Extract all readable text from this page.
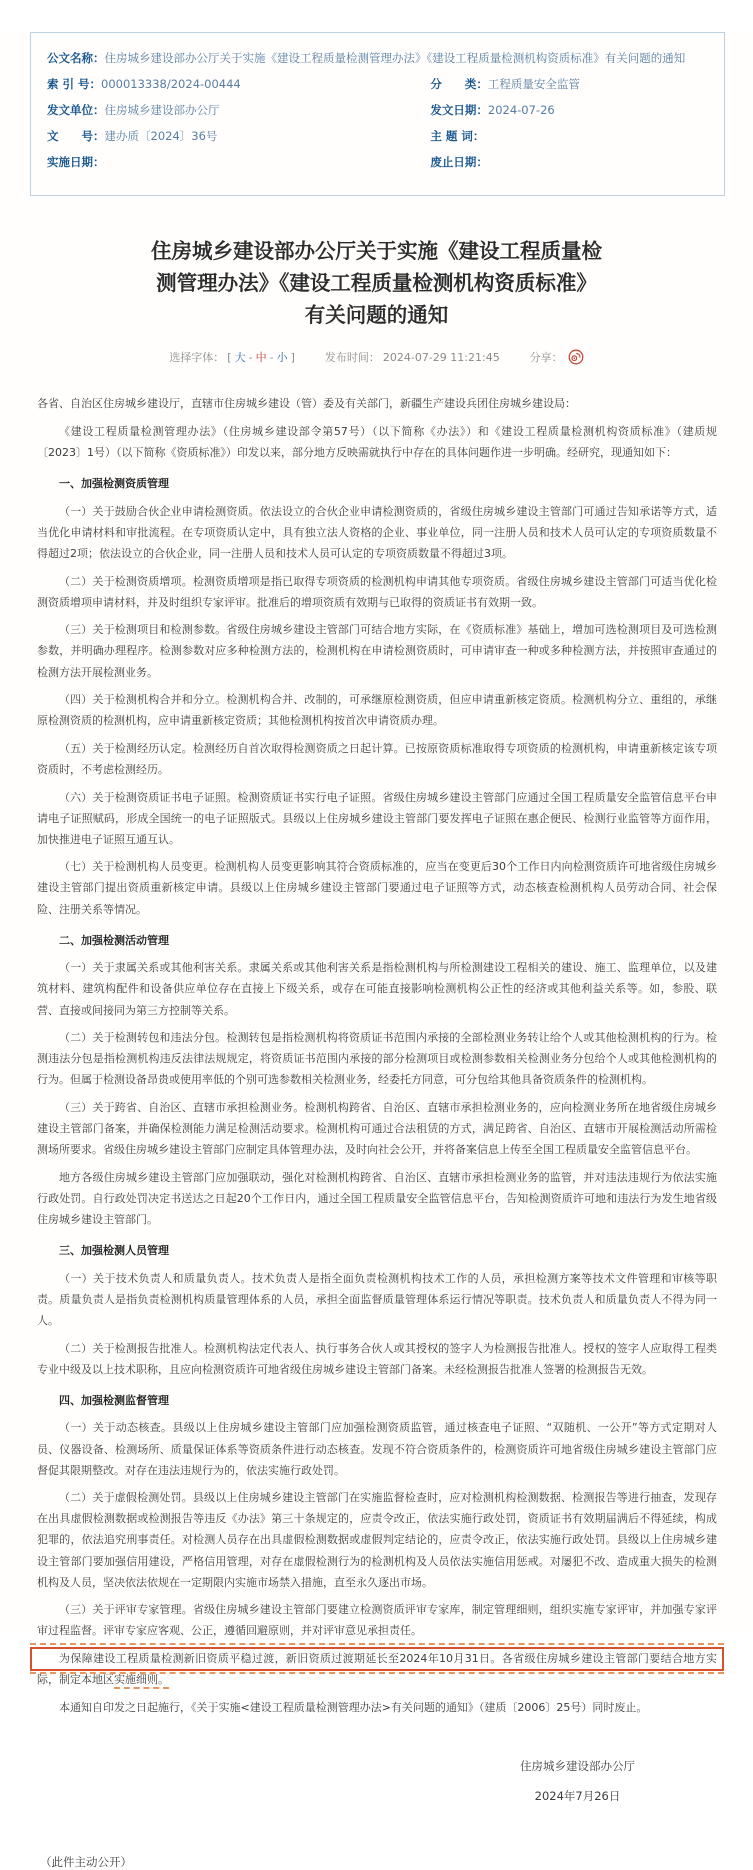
公文名称： 住房城乡建设部办公厅关于实施《建设工程质量检测管理办法》《建设工程质量检测机构资质标准》有关问题的通知
索 引 号： 000013338/2024-00444
发文单位： 住房城乡建设部办公厅
文　　号： 建办质〔2024〕36号
实施日期：
分　　类： 工程质量安全监管
发文日期： 2024-07-26
主 题 词：
废止日期：
住房城乡建设部办公厅关于实施《建设工程质量检测管理办法》《建设工程质量检测机构资质标准》有关问题的通知
选择字体： [ 大 - 中 - 小 ]	发布时间： 2024-07-29 11:21:45	分享：

各省、自治区住房城乡建设厅，直辖市住房城乡建设（管）委及有关部门，新疆生产建设兵团住房城乡建设局：

《建设工程质量检测管理办法》（住房城乡建设部令第57号）（以下简称《办法》）和《建设工程质量检测机构资质标准》（建质规〔2023〕1号）（以下简称《资质标准》）印发以来，部分地方反映需就执行中存在的具体问题作进一步明确。经研究，现通知如下：

一、加强检测资质管理

（一）关于鼓励合伙企业申请检测资质。依法设立的合伙企业申请检测资质的，省级住房城乡建设主管部门可通过告知承诺等方式，适当优化申请材料和审批流程。在专项资质认定中，具有独立法人资格的企业、事业单位，同一注册人员和技术人员可认定的专项资质数量不得超过2项；依法设立的合伙企业，同一注册人员和技术人员可认定的专项资质数量不得超过3项。

（二）关于检测资质增项。检测资质增项是指已取得专项资质的检测机构申请其他专项资质。省级住房城乡建设主管部门可适当优化检测资质增项申请材料，并及时组织专家评审。批准后的增项资质有效期与已取得的资质证书有效期一致。

（三）关于检测项目和检测参数。省级住房城乡建设主管部门可结合地方实际，在《资质标准》基础上，增加可选检测项目及可选检测参数，并明确办理程序。检测参数对应多种检测方法的，检测机构在申请检测资质时，可申请审查一种或多种检测方法，并按照审查通过的检测方法开展检测业务。

（四）关于检测机构合并和分立。检测机构合并、改制的，可承继原检测资质，但应申请重新核定资质。检测机构分立、重组的，承继原检测资质的检测机构，应申请重新核定资质；其他检测机构按首次申请资质办理。

（五）关于检测经历认定。检测经历自首次取得检测资质之日起计算。已按原资质标准取得专项资质的检测机构，申请重新核定该专项资质时，不考虑检测经历。

（六）关于检测资质证书电子证照。检测资质证书实行电子证照。省级住房城乡建设主管部门应通过全国工程质量安全监管信息平台申请电子证照赋码，形成全国统一的电子证照版式。县级以上住房城乡建设主管部门要发挥电子证照在惠企便民、检测行业监管等方面作用，加快推进电子证照互通互认。

（七）关于检测机构人员变更。检测机构人员变更影响其符合资质标准的，应当在变更后30个工作日内向检测资质许可地省级住房城乡建设主管部门提出资质重新核定申请。县级以上住房城乡建设主管部门要通过电子证照等方式，动态核查检测机构人员劳动合同、社会保险、注册关系等情况。

二、加强检测活动管理

（一）关于隶属关系或其他利害关系。隶属关系或其他利害关系是指检测机构与所检测建设工程相关的建设、施工、监理单位，以及建筑材料、建筑构配件和设备供应单位存在直接上下级关系，或存在可能直接影响检测机构公正性的经济或其他利益关系等。如，参股、联营、直接或间接同为第三方控制等关系。

（二）关于检测转包和违法分包。检测转包是指检测机构将资质证书范围内承接的全部检测业务转让给个人或其他检测机构的行为。检测违法分包是指检测机构违反法律法规规定，将资质证书范围内承接的部分检测项目或检测参数相关检测业务分包给个人或其他检测机构的行为。但属于检测设备昂贵或使用率低的个别可选参数相关检测业务，经委托方同意，可分包给其他具备资质条件的检测机构。

（三）关于跨省、自治区、直辖市承担检测业务。检测机构跨省、自治区、直辖市承担检测业务的，应向检测业务所在地省级住房城乡建设主管部门备案，并确保检测能力满足检测活动要求。检测机构可通过合法租赁的方式，满足跨省、自治区、直辖市开展检测活动所需检测场所要求。省级住房城乡建设主管部门应制定具体管理办法，及时向社会公开，并将备案信息上传至全国工程质量安全监管信息平台。

地方各级住房城乡建设主管部门应加强联动，强化对检测机构跨省、自治区、直辖市承担检测业务的监管，并对违法违规行为依法实施行政处罚。自行政处罚决定书送达之日起20个工作日内，通过全国工程质量安全监管信息平台，告知检测资质许可地和违法行为发生地省级住房城乡建设主管部门。

三、加强检测人员管理

（一）关于技术负责人和质量负责人。技术负责人是指全面负责检测机构技术工作的人员，承担检测方案等技术文件管理和审核等职责。质量负责人是指负责检测机构质量管理体系的人员，承担全面监督质量管理体系运行情况等职责。技术负责人和质量负责人不得为同一人。

（二）关于检测报告批准人。检测机构法定代表人、执行事务合伙人或其授权的签字人为检测报告批准人。授权的签字人应取得工程类专业中级及以上技术职称，且应向检测资质许可地省级住房城乡建设主管部门备案。未经检测报告批准人签署的检测报告无效。

四、加强检测监督管理

（一）关于动态核查。县级以上住房城乡建设主管部门应加强检测资质监管，通过核查电子证照、“双随机、一公开”等方式定期对人员、仪器设备、检测场所、质量保证体系等资质条件进行动态核查。发现不符合资质条件的，检测资质许可地省级住房城乡建设主管部门应督促其限期整改。对存在违法违规行为的，依法实施行政处罚。

（二）关于虚假检测处罚。县级以上住房城乡建设主管部门在实施监督检查时，应对检测机构检测数据、检测报告等进行抽查，发现存在出具虚假检测数据或检测报告等违反《办法》第三十条规定的，应责令改正，依法实施行政处罚，资质证书有效期届满后不得延续，构成犯罪的，依法追究刑事责任。对检测人员存在出具虚假检测数据或虚假判定结论的，应责令改正，依法实施行政处罚。县级以上住房城乡建设主管部门要加强信用建设，严格信用管理，对存在虚假检测行为的检测机构及人员依法实施信用惩戒。对屡犯不改、造成重大损失的检测机构及人员，坚决依法依规在一定期限内实施市场禁入措施，直至永久逐出市场。

（三）关于评审专家管理。省级住房城乡建设主管部门要建立检测资质评审专家库，制定管理细则，组织实施专家评审，并加强专家评审过程监督。评审专家应客观、公正，遵循回避原则，并对评审意见承担责任。

为保障建设工程质量检测新旧资质平稳过渡，新旧资质过渡期延长至2024年10月31日。各省级住房城乡建设主管部门要结合地方实际，制定本地区实施细则。

本通知自印发之日起施行，《关于实施<建设工程质量检测管理办法>有关问题的通知》（建质〔2006〕25号）同时废止。

住房城乡建设部办公厅
2024年7月26日
（此件主动公开）
